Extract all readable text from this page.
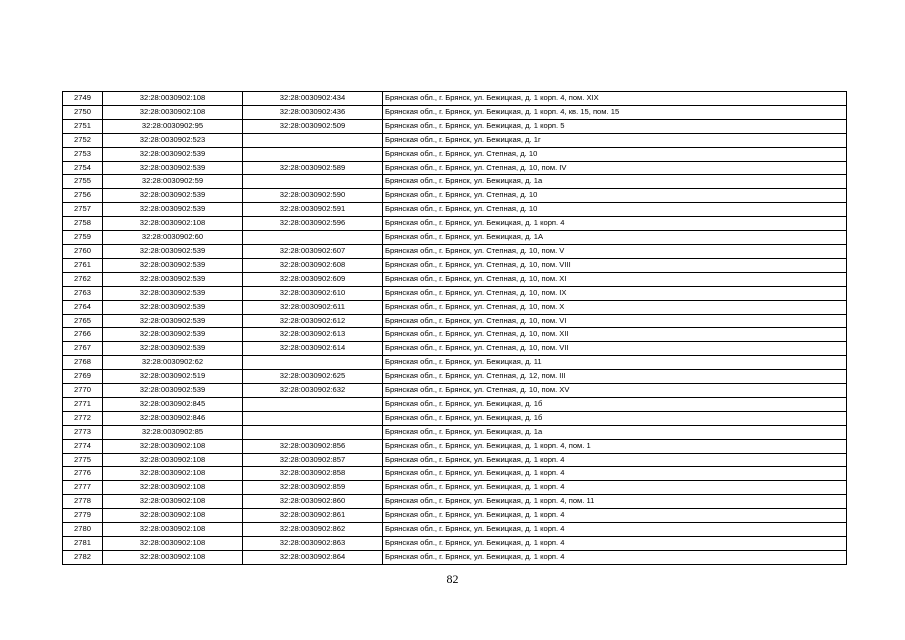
2749	32:28:0030902:108	32:28:0030902:434	Брянская обл., г. Брянск, ул. Бежицкая, д. 1 корп. 4, пом. XIX
2750	32:28:0030902:108	32:28:0030902:436	Брянская обл., г. Брянск, ул. Бежицкая, д. 1 корп. 4, кв. 15, пом. 15
2751	32:28:0030902:95	32:28:0030902:509	Брянская обл., г. Брянск, ул. Бежицкая, д. 1 корп. 5
2752	32:28:0030902:523		Брянская обл., г. Брянск, ул. Бежицкая, д. 1г
2753	32:28:0030902:539		Брянская обл., г. Брянск, ул. Степная, д. 10
2754	32:28:0030902:539	32:28:0030902:589	Брянская обл., г. Брянск, ул. Степная, д. 10, пом. IV
2755	32:28:0030902:59		Брянская обл., г. Брянск, ул. Бежицкая, д. 1а
2756	32:28:0030902:539	32:28:0030902:590	Брянская обл., г. Брянск, ул. Степная, д. 10
2757	32:28:0030902:539	32:28:0030902:591	Брянская обл., г. Брянск, ул. Степная, д. 10
2758	32:28:0030902:108	32:28:0030902:596	Брянская обл., г. Брянск, ул. Бежицкая, д. 1 корп. 4
2759	32:28:0030902:60		Брянская обл., г. Брянск, ул. Бежицкая, д. 1А
2760	32:28:0030902:539	32:28:0030902:607	Брянская обл., г. Брянск, ул. Степная, д. 10, пом. V
2761	32:28:0030902:539	32:28:0030902:608	Брянская обл., г. Брянск, ул. Степная, д. 10, пом. VIII
2762	32:28:0030902:539	32:28:0030902:609	Брянская обл., г. Брянск, ул. Степная, д. 10, пом. XI
2763	32:28:0030902:539	32:28:0030902:610	Брянская обл., г. Брянск, ул. Степная, д. 10, пом. IX
2764	32:28:0030902:539	32:28:0030902:611	Брянская обл., г. Брянск, ул. Степная, д. 10, пом. X
2765	32:28:0030902:539	32:28:0030902:612	Брянская обл., г. Брянск, ул. Степная, д. 10, пом. VI
2766	32:28:0030902:539	32:28:0030902:613	Брянская обл., г. Брянск, ул. Степная, д. 10, пом. XII
2767	32:28:0030902:539	32:28:0030902:614	Брянская обл., г. Брянск, ул. Степная, д. 10, пом. VII
2768	32:28:0030902:62		Брянская обл., г. Брянск, ул. Бежицкая, д. 11
2769	32:28:0030902:519	32:28:0030902:625	Брянская обл., г. Брянск, ул. Степная, д. 12, пом. III
2770	32:28:0030902:539	32:28:0030902:632	Брянская обл., г. Брянск, ул. Степная, д. 10, пом. XV
2771	32:28:0030902:845		Брянская обл., г. Брянск, ул. Бежицкая, д. 1б
2772	32:28:0030902:846		Брянская обл., г. Брянск, ул. Бежицкая, д. 1б
2773	32:28:0030902:85		Брянская обл., г. Брянск, ул. Бежицкая, д. 1а
2774	32:28:0030902:108	32:28:0030902:856	Брянская обл., г. Брянск, ул. Бежицкая, д. 1 корп. 4, пом. 1
2775	32:28:0030902:108	32:28:0030902:857	Брянская обл., г. Брянск, ул. Бежицкая, д. 1 корп. 4
2776	32:28:0030902:108	32:28:0030902:858	Брянская обл., г. Брянск, ул. Бежицкая, д. 1 корп. 4
2777	32:28:0030902:108	32:28:0030902:859	Брянская обл., г. Брянск, ул. Бежицкая, д. 1 корп. 4
2778	32:28:0030902:108	32:28:0030902:860	Брянская обл., г. Брянск, ул. Бежицкая, д. 1 корп. 4, пом. 11
2779	32:28:0030902:108	32:28:0030902:861	Брянская обл., г. Брянск, ул. Бежицкая, д. 1 корп. 4
2780	32:28:0030902:108	32:28:0030902:862	Брянская обл., г. Брянск, ул. Бежицкая, д. 1 корп. 4
2781	32:28:0030902:108	32:28:0030902:863	Брянская обл., г. Брянск, ул. Бежицкая, д. 1 корп. 4
2782	32:28:0030902:108	32:28:0030902:864	Брянская обл., г. Брянск, ул. Бежицкая, д. 1 корп. 4
82
